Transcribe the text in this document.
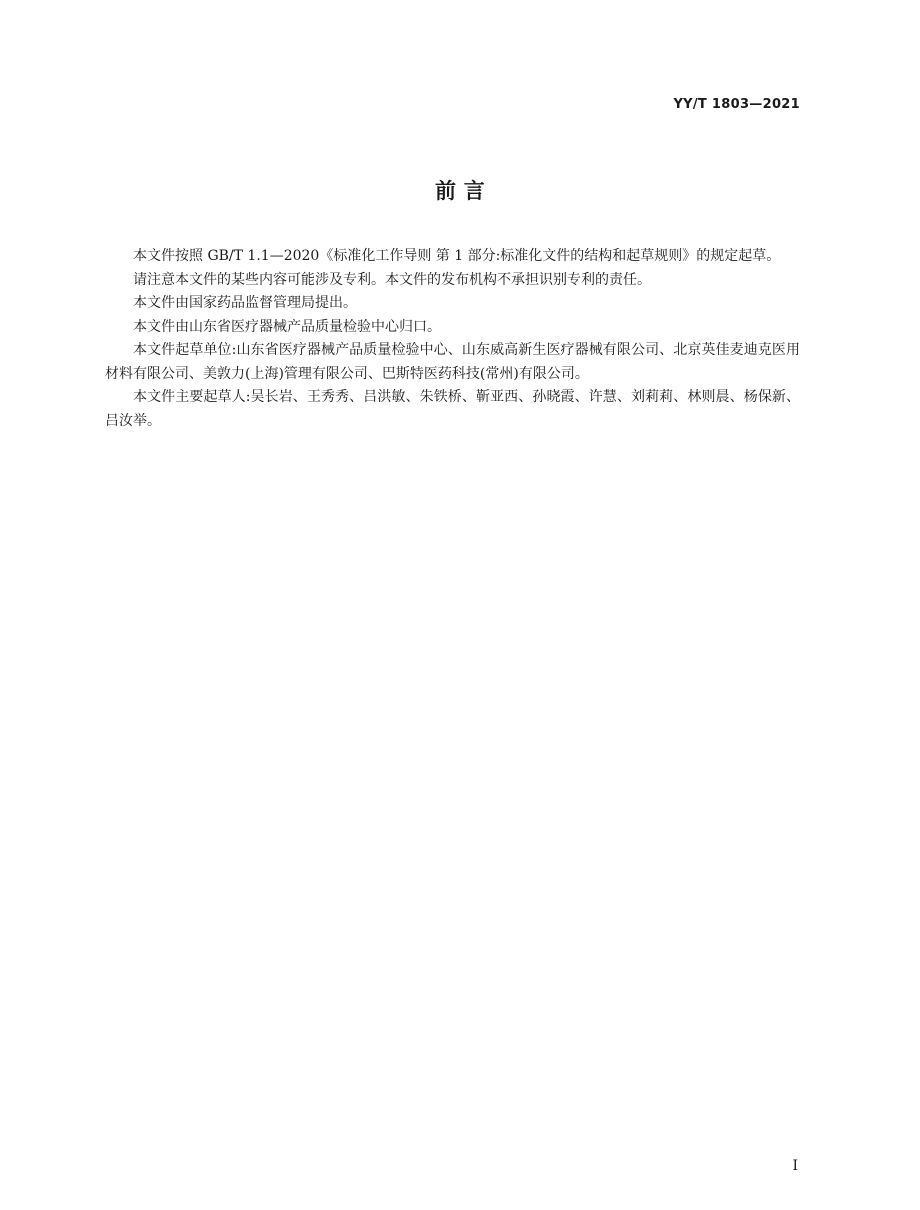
YY/T 1803—2021
前 言

本文件按照 GB/T 1.1—2020《标准化工作导则 第 1 部分:标准化文件的结构和起草规则》的规定起草。

请注意本文件的某些内容可能涉及专利。本文件的发布机构不承担识别专利的责任。

本文件由国家药品监督管理局提出。

本文件由山东省医疗器械产品质量检验中心归口。

本文件起草单位:山东省医疗器械产品质量检验中心、山东威高新生医疗器械有限公司、北京英佳麦迪克医用材料有限公司、美敦力(上海)管理有限公司、巴斯特医药科技(常州)有限公司。

本文件主要起草人:吴长岩、王秀秀、吕洪敏、朱铁桥、靳亚西、孙晓霞、许慧、刘莉莉、林则晨、杨保新、吕汝举。

I
